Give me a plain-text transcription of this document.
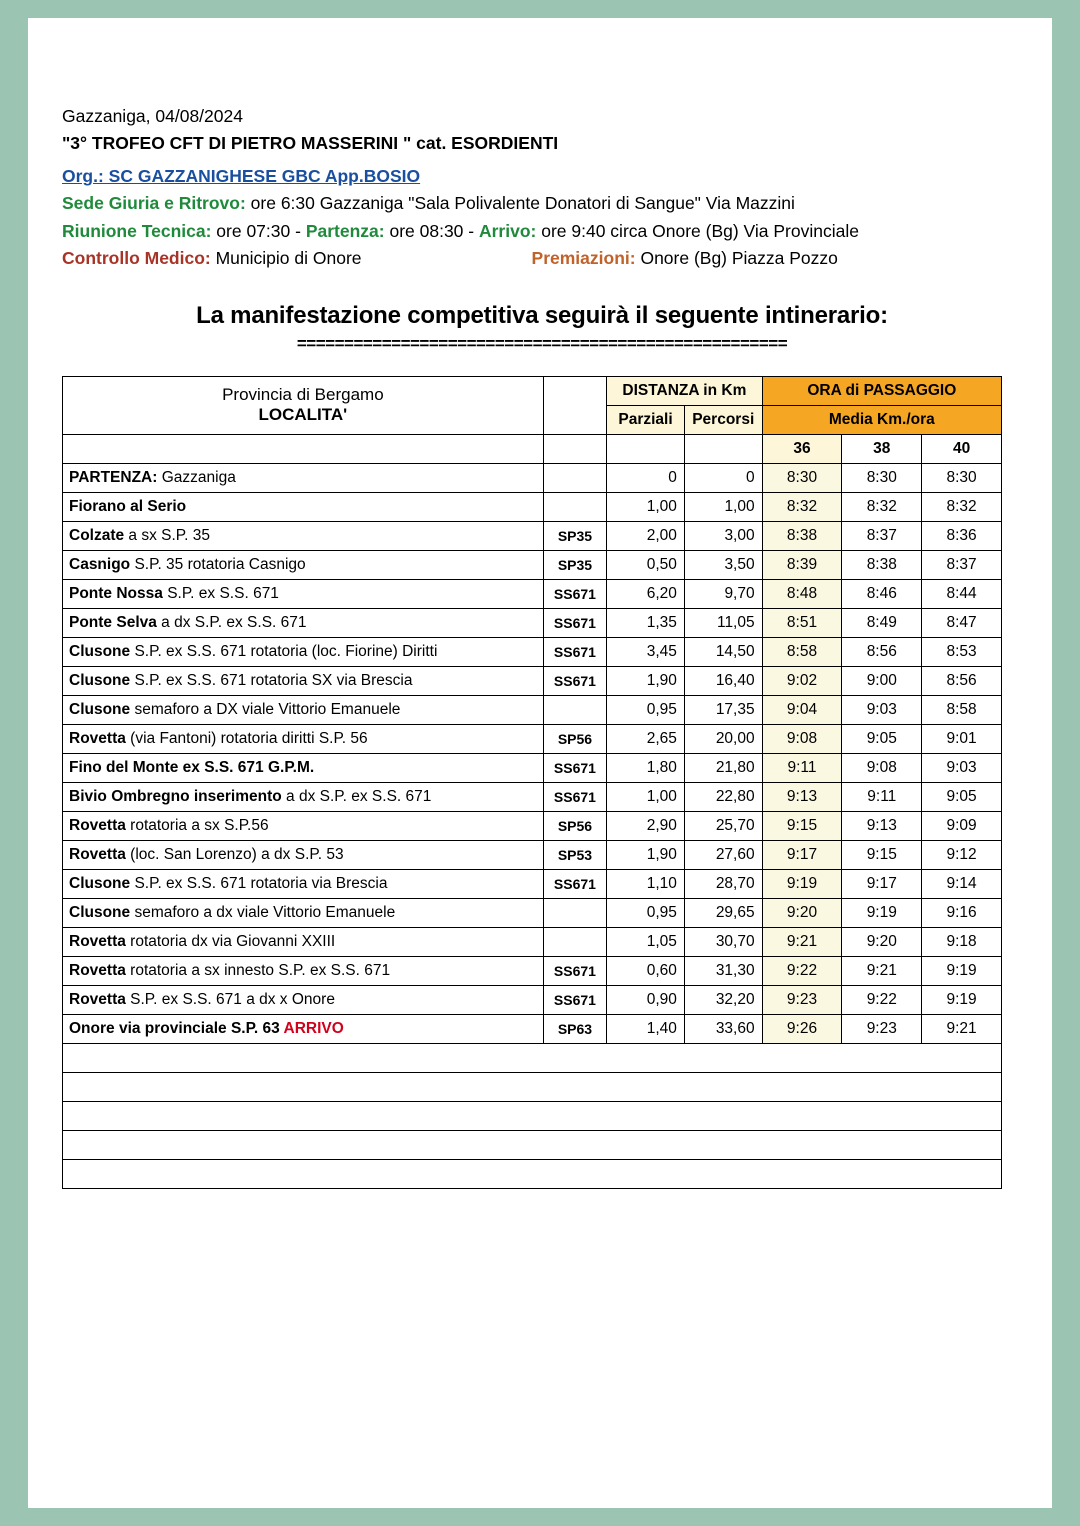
Gazzaniga, 04/08/2024
"3° TROFEO CFT DI PIETRO MASSERINI " cat. ESORDIENTI
Org.: SC GAZZANIGHESE GBC App.BOSIO
Sede Giuria e Ritrovo: ore 6:30 Gazzaniga "Sala Polivalente Donatori di Sangue" Via Mazzini
Riunione Tecnica: ore 07:30 - Partenza: ore 08:30 - Arrivo: ore 9:40 circa Onore (Bg) Via Provinciale
Controllo Medico: Municipio di Onore	Premiazioni: Onore (Bg) Piazza Pozzo
La manifestazione competitiva seguirà il seguente intinerario:
====================================================
Provincia di Bergamo
LOCALITA'		DISTANZA in Km		ORA di PASSAGGIO		
		Parziali	Percorsi	Media Km./ora		
				36	38	40
PARTENZA: Gazzaniga		0	0	8:30	8:30	8:30
Fiorano al Serio		1,00	1,00	8:32	8:32	8:32
Colzate a sx S.P. 35	SP35	2,00	3,00	8:38	8:37	8:36
Casnigo S.P. 35 rotatoria Casnigo	SP35	0,50	3,50	8:39	8:38	8:37
Ponte Nossa S.P. ex S.S. 671	SS671	6,20	9,70	8:48	8:46	8:44
Ponte Selva a dx S.P. ex S.S. 671	SS671	1,35	11,05	8:51	8:49	8:47
Clusone S.P. ex S.S. 671 rotatoria (loc. Fiorine) Diritti	SS671	3,45	14,50	8:58	8:56	8:53
Clusone S.P. ex S.S. 671 rotatoria SX via Brescia	SS671	1,90	16,40	9:02	9:00	8:56
Clusone semaforo a DX viale Vittorio Emanuele		0,95	17,35	9:04	9:03	8:58
Rovetta (via Fantoni) rotatoria diritti S.P. 56	SP56	2,65	20,00	9:08	9:05	9:01
Fino del Monte ex S.S. 671 G.P.M.	SS671	1,80	21,80	9:11	9:08	9:03
Bivio Ombregno inserimento a dx S.P. ex S.S. 671	SS671	1,00	22,80	9:13	9:11	9:05
Rovetta rotatoria a sx S.P.56	SP56	2,90	25,70	9:15	9:13	9:09
Rovetta (loc. San Lorenzo) a dx S.P. 53	SP53	1,90	27,60	9:17	9:15	9:12
Clusone S.P. ex S.S. 671 rotatoria via Brescia	SS671	1,10	28,70	9:19	9:17	9:14
Clusone semaforo a dx viale Vittorio Emanuele		0,95	29,65	9:20	9:19	9:16
Rovetta rotatoria dx via Giovanni XXIII		1,05	30,70	9:21	9:20	9:18
Rovetta rotatoria a sx innesto S.P. ex S.S. 671	SS671	0,60	31,30	9:22	9:21	9:19
Rovetta S.P. ex S.S. 671 a dx x Onore	SS671	0,90	32,20	9:23	9:22	9:19
Onore via provinciale S.P. 63 ARRIVO	SP63	1,40	33,60	9:26	9:23	9:21
